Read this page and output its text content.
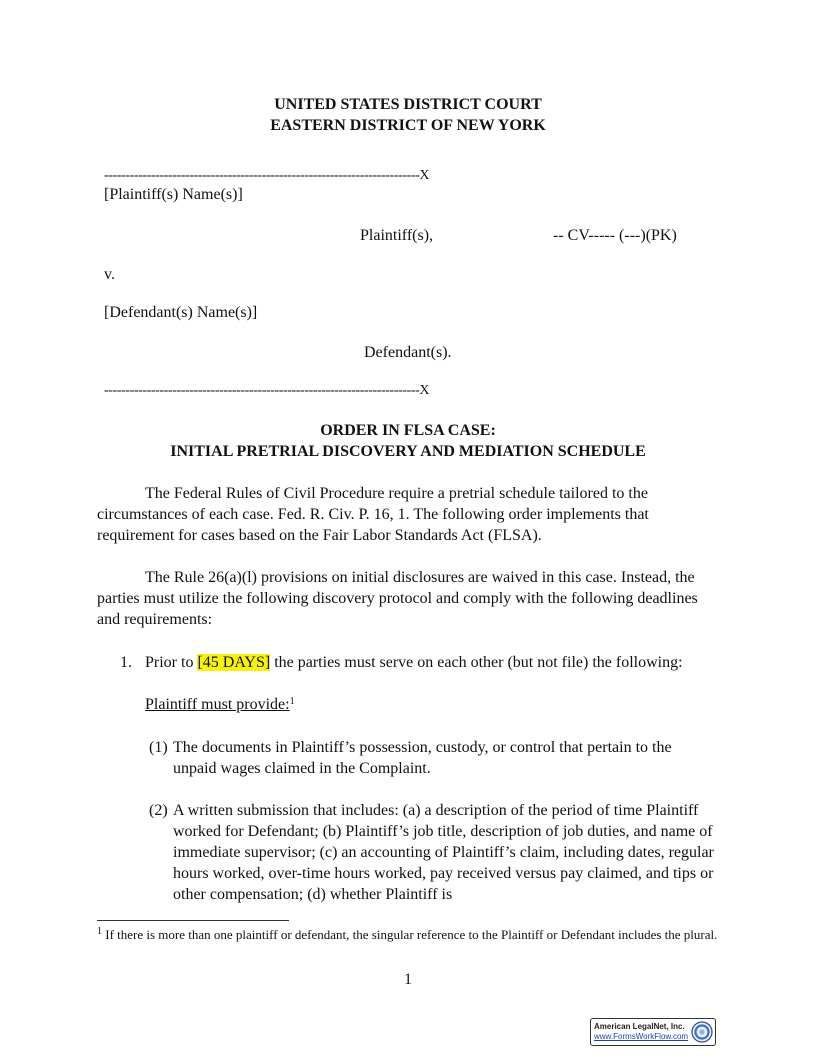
UNITED STATES DISTRICT COURT
EASTERN DISTRICT OF NEW YORK
--------------------------------------------------------------------------X
[Plaintiff(s) Name(s)]
Plaintiff(s),	-- CV----- (---)(PK)
v.
[Defendant(s) Name(s)]
Defendant(s).
--------------------------------------------------------------------------X
ORDER IN FLSA CASE:
INITIAL PRETRIAL DISCOVERY AND MEDIATION SCHEDULE
The Federal Rules of Civil Procedure require a pretrial schedule tailored to the circumstances of each case. Fed. R. Civ. P. 16, 1. The following order implements that requirement for cases based on the Fair Labor Standards Act (FLSA).
The Rule 26(a)(l) provisions on initial disclosures are waived in this case. Instead, the parties must utilize the following discovery protocol and comply with the following deadlines and requirements:
1. Prior to [45 DAYS] the parties must serve on each other (but not file) the following:
Plaintiff must provide:$^1$
(1) The documents in Plaintiff’s possession, custody, or control that pertain to the unpaid wages claimed in the Complaint.
(2) A written submission that includes: (a) a description of the period of time Plaintiff worked for Defendant; (b) Plaintiff’s job title, description of job duties, and name of immediate supervisor; (c) an accounting of Plaintiff’s claim, including dates, regular hours worked, over-time hours worked, pay received versus pay claimed, and tips or other compensation; (d) whether Plaintiff is
$^1$ If there is more than one plaintiff or defendant, the singular reference to the Plaintiff or Defendant includes the plural.
1
American LegalNet, Inc.
www.FormsWorkFlow.com
